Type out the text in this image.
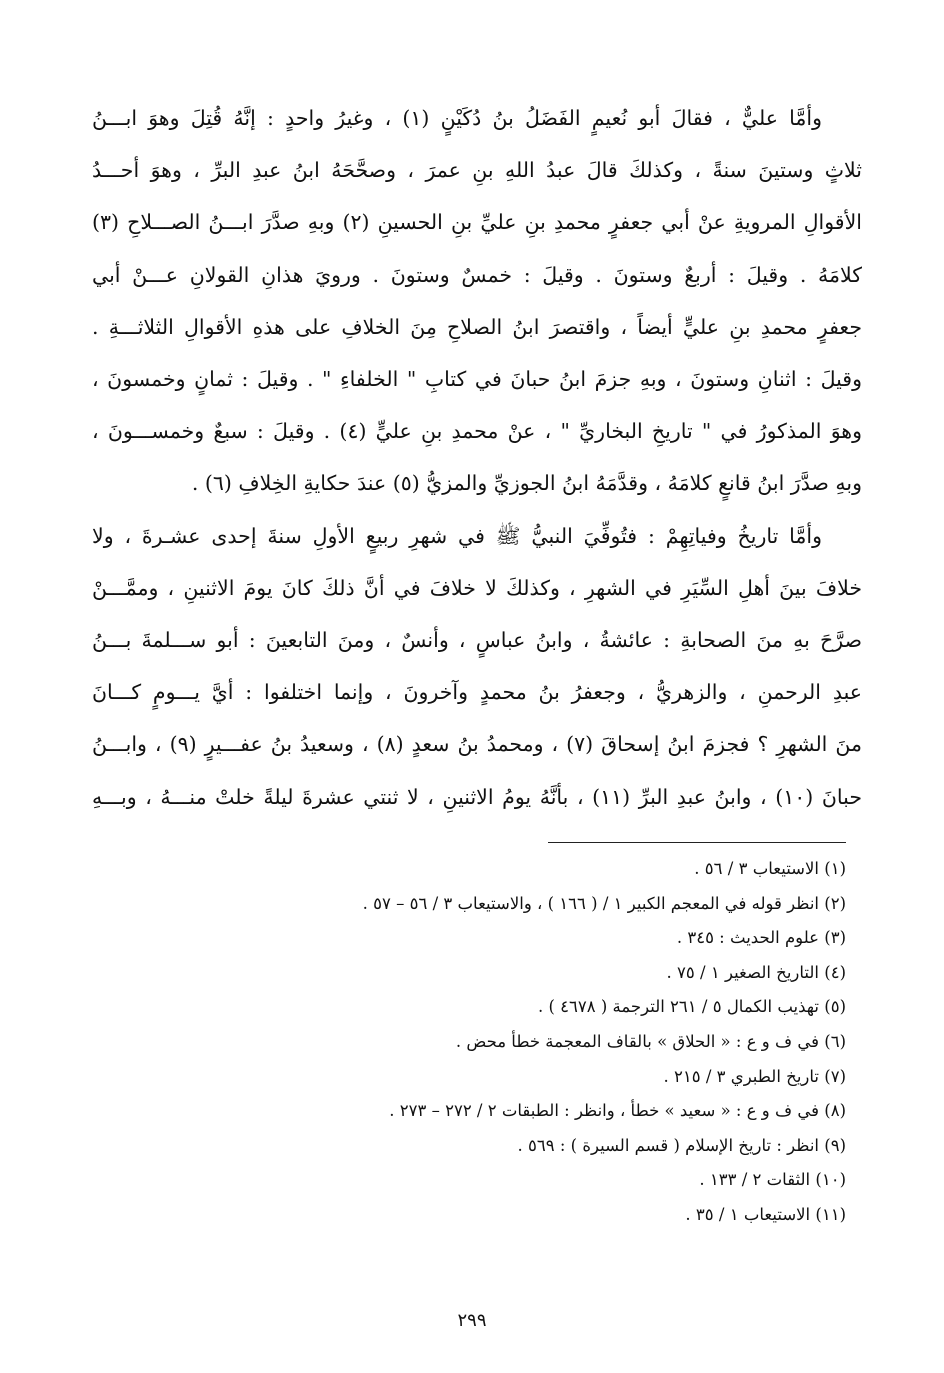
وأمَّا عليٌّ ، فقالَ أبو نُعيمٍ الفَضَلُ بنُ دُكَيْنٍ (١) ، وغيرُ واحدٍ : إنَّهُ قُتِلَ وهوَ ابـــنُ
ثلاثٍ وستينَ سنةً ، وكذلكَ قالَ عبدُ اللهِ بنِ عمرَ ، وصحَّحَهُ ابنُ عبدِ البرِّ ، وهوَ أحـــدُ
الأقوالِ المرويةِ عنْ أبي جعفرٍ محمدِ بنِ عليِّ بنِ الحسينِ (٢) وبهِ صدَّرَ ابـــنُ الصـــلاحِ (٣)
كلامَهُ . وقيلَ : أربعٌ وستونَ . وقيلَ : خمسٌ وستونَ . ورويَ هذانِ القولانِ عـــنْ أبي
جعفرٍ محمدِ بنِ عليٍّ أيضاً ، واقتصرَ ابنُ الصلاحِ مِنَ الخلافِ على هذهِ الأقوالِ الثلاثـــةِ .
وقيلَ : اثنانِ وستونَ ، وبهِ جزمَ ابنُ حبانَ في كتابِ " الخلفاءِ " . وقيلَ : ثمانٍ وخمسونَ ،
وهوَ المذكورُ في " تاريخِ البخاريِّ " ، عنْ محمدِ بنِ عليٍّ (٤) . وقيلَ : سبعٌ وخمســـونَ ،
وبهِ صدَّرَ ابنُ قانعٍ كلامَهُ ، وقدَّمَهُ ابنُ الجوزيِّ والمزيُّ (٥) عندَ حكايةِ الخِلافِ (٦) .
وأمَّا تاريخُ وفياتِهِمْ : فتُوفِّيَ النبيُّ ﷺ في شهرِ ربيعٍ الأولِ سنةَ إحدى عشـرةَ ، ولا
خلافَ بينَ أهلِ السِّيَرِ في الشهرِ ، وكذلكَ لا خلافَ في أنَّ ذلكَ كانَ يومَ الاثنينِ ، وممَّـــنْ
صرَّحَ بهِ منَ الصحابةِ : عائشةُ ، وابنُ عباسٍ ، وأنسٌ ، ومنَ التابعينَ : أبو ســـلمةَ بـــنُ
عبدِ الرحمنِ ، والزهريُّ ، وجعفرُ بنُ محمدٍ وآخرونَ ، وإنما اختلفوا : أيَّ يـــومٍ كـــانَ
منَ الشهرِ ؟ فجزمَ ابنُ إسحاقَ (٧) ، ومحمدُ بنُ سعدٍ (٨) ، وسعيدُ بنُ عفـــيرٍ (٩) ، وابـــنُ
حبانَ (١٠) ، وابنُ عبدِ البرِّ (١١) ، بأنَّهُ يومُ الاثنينِ ، لا ثنتي عشرةَ ليلةً خلتْ منـــهُ ، وبـــهِ
(١) الاستيعاب ٣ / ٥٦ .
(٢) انظر قوله في المعجم الكبير ١ / ( ١٦٦ ) ، والاستيعاب ٣ / ٥٦ – ٥٧ .
(٣) علوم الحديث : ٣٤٥ .
(٤) التاريخ الصغير ١ / ٧٥ .
(٥) تهذيب الكمال ٥ / ٢٦١ الترجمة ( ٤٦٧٨ ) .
(٦) في ف و ع : « الحلاق » بالقاف المعجمة خطأ محض .
(٧) تاريخ الطبري ٣ / ٢١٥ .
(٨) في ف و ع : « سعيد » خطأ ، وانظر : الطبقات ٢ / ٢٧٢ – ٢٧٣ .
(٩) انظر : تاريخ الإسلام ( قسم السيرة ) : ٥٦٩ .
(١٠) الثقات ٢ / ١٣٣ .
(١١) الاستيعاب ١ / ٣٥ .
٢٩٩
